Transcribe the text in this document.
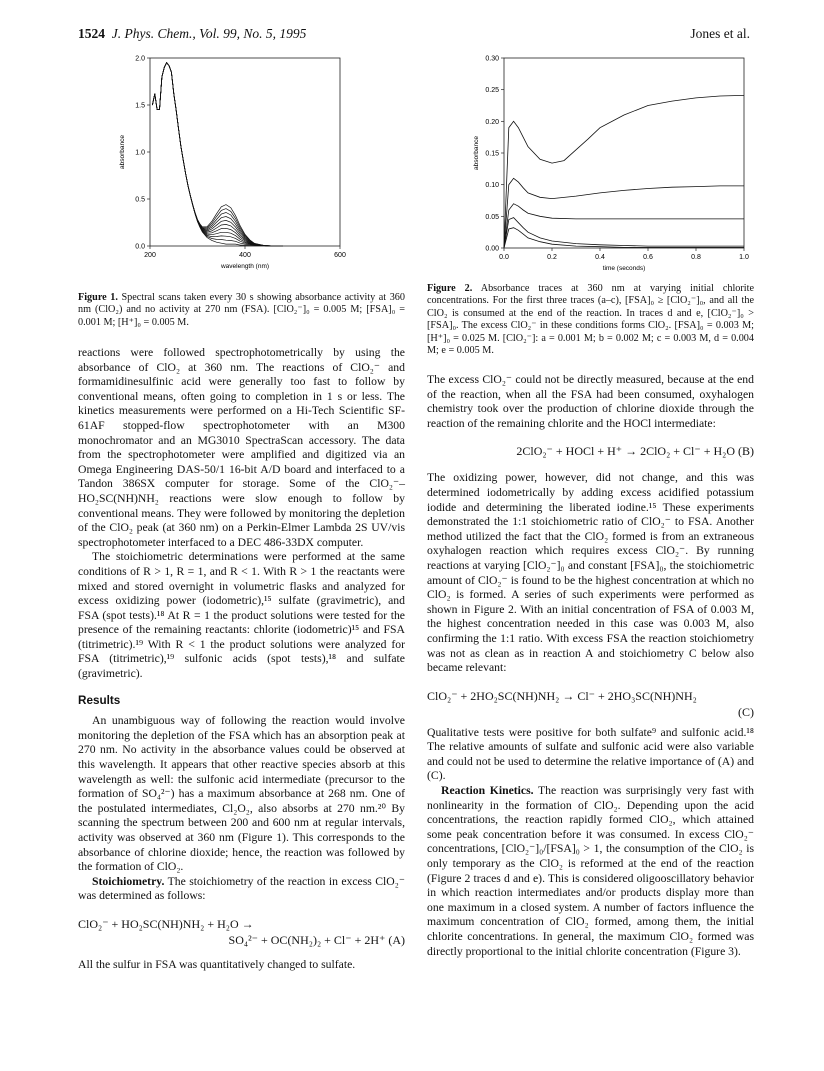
1524 J. Phys. Chem., Vol. 99, No. 5, 1995	Jones et al.
200	400	600
0.0
0.5
1.0
1.5
2.0
wavelength (nm)
absorbance
Figure 1. Spectral scans taken every 30 s showing absorbance activity at 360 nm (ClO₂) and no activity at 270 nm (FSA). [ClO₂⁻]₀ = 0.005 M; [FSA]₀ = 0.001 M; [H⁺]₀ = 0.005 M.
0.0	0.2	0.4	0.6	0.8	1.0
0.00
0.05
0.10
0.15
0.20
0.25
0.30
time (seconds)
absorbance
Figure 2. Absorbance traces at 360 nm at varying initial chlorite concentrations. For the first three traces (a–c), [FSA]₀ ≥ [ClO₂⁻]₀, and all the ClO₂ is consumed at the end of the reaction. In traces d and e, [ClO₂⁻]₀ > [FSA]₀. The excess ClO₂⁻ in these conditions forms ClO₂. [FSA]₀ = 0.003 M; [H⁺]₀ = 0.025 M. [ClO₂⁻]: a = 0.001 M; b = 0.002 M; c = 0.003 M, d = 0.004 M; e = 0.005 M.

reactions were followed spectrophotometrically by using the absorbance of ClO₂ at 360 nm. The reactions of ClO₂⁻ and formamidinesulfinic acid were generally too fast to follow by conventional means, often going to completion in 1 s or less. The kinetics measurements were performed on a Hi-Tech Scientific SF-61AF stopped-flow spectrophotometer with an M300 monochromator and an MG3010 SpectraScan accessory. The data from the spectrophotometer were amplified and digitized via an Omega Engineering DAS-50/1 16-bit A/D board and interfaced to a Tandon 386SX computer for storage. Some of the ClO₂⁻–HO₂SC(NH)NH₂ reactions were slow enough to follow by conventional means. They were followed by monitoring the depletion of the ClO₂ peak (at 360 nm) on a Perkin-Elmer Lambda 2S UV/vis spectrophotometer interfaced to a DEC 486-33DX computer.

The stoichiometric determinations were performed at the same conditions of R > 1, R = 1, and R < 1. With R > 1 the reactants were mixed and stored overnight in volumetric flasks and analyzed for excess oxidizing power (iodometric),¹⁵ sulfate (gravimetric), and FSA (spot tests).¹⁸ At R = 1 the product solutions were tested for the presence of the remaining reactants: chlorite (iodometric)¹⁵ and FSA (titrimetric).¹⁹ With R < 1 the product solutions were analyzed for FSA (titrimetric),¹⁹ sulfonic acids (spot tests),¹⁸ and sulfate (gravimetric).

Results

An unambiguous way of following the reaction would involve monitoring the depletion of the FSA which has an absorption peak at 270 nm. No activity in the absorbance values could be observed at this wavelength. It appears that other reactive species absorb at this wavelength as well: the sulfonic acid intermediate (precursor to the formation of SO₄²⁻) has a maximum absorbance at 268 nm. One of the postulated intermediates, Cl₂O₂, also absorbs at 270 nm.²⁰ By scanning the spectrum between 200 and 600 nm at regular intervals, activity was observed at 360 nm (Figure 1). This corresponds to the absorbance of chlorine dioxide; hence, the reaction was followed by the formation of ClO₂.

Stoichiometry. The stoichiometry of the reaction in excess ClO₂⁻ was determined as follows:

ClO₂⁻ + HO₂SC(NH)NH₂ + H₂O →
SO₄²⁻ + OC(NH₂)₂ + Cl⁻ + 2H⁺ (A)

All the sulfur in FSA was quantitatively changed to sulfate.

The excess ClO₂⁻ could not be directly measured, because at the end of the reaction, when all the FSA had been consumed, oxyhalogen chemistry took over the production of chlorine dioxide through the reaction of the remaining chlorite and the HOCl intermediate:

2ClO₂⁻ + HOCl + H⁺ → 2ClO₂ + Cl⁻ + H₂O (B)

The oxidizing power, however, did not change, and this was determined iodometrically by adding excess acidified potassium iodide and determining the liberated iodine.¹⁵ These experiments demonstrated the 1:1 stoichiometric ratio of ClO₂⁻ to FSA. Another method utilized the fact that the ClO₂ formed is from an extraneous oxyhalogen reaction which requires excess ClO₂⁻. By running reactions at varying [ClO₂⁻]₀ and constant [FSA]₀, the stoichiometric amount of ClO₂⁻ is found to be the highest concentration at which no ClO₂ is formed. A series of such experiments were performed as shown in Figure 2. With an initial concentration of FSA of 0.003 M, the highest concentration needed in this case was 0.003 M, also confirming the 1:1 ratio. With excess FSA the reaction stoichiometry was not as clean as in reaction A and stoichiometry C below also became relevant:

ClO₂⁻ + 2HO₂SC(NH)NH₂ → Cl⁻ + 2HO₃SC(NH)NH₂
(C)

Qualitative tests were positive for both sulfate⁹ and sulfonic acid.¹⁸ The relative amounts of sulfate and sulfonic acid were also variable and could not be used to determine the relative importance of (A) and (C).

Reaction Kinetics. The reaction was surprisingly very fast with nonlinearity in the formation of ClO₂. Depending upon the acid concentrations, the reaction rapidly formed ClO₂, which attained some peak concentration before it was consumed. In excess ClO₂⁻ concentrations, [ClO₂⁻]₀/[FSA]₀ > 1, the consumption of the ClO₂ is only temporary as the ClO₂ is reformed at the end of the reaction (Figure 2 traces d and e). This is considered oligooscillatory behavior in which reaction intermediates and/or products display more than one maximum in a closed system. A number of factors influence the maximum concentration of ClO₂ formed, among them, the initial chlorite concentrations. In general, the maximum ClO₂ formed was directly proportional to the initial chlorite concentration (Figure 3).
